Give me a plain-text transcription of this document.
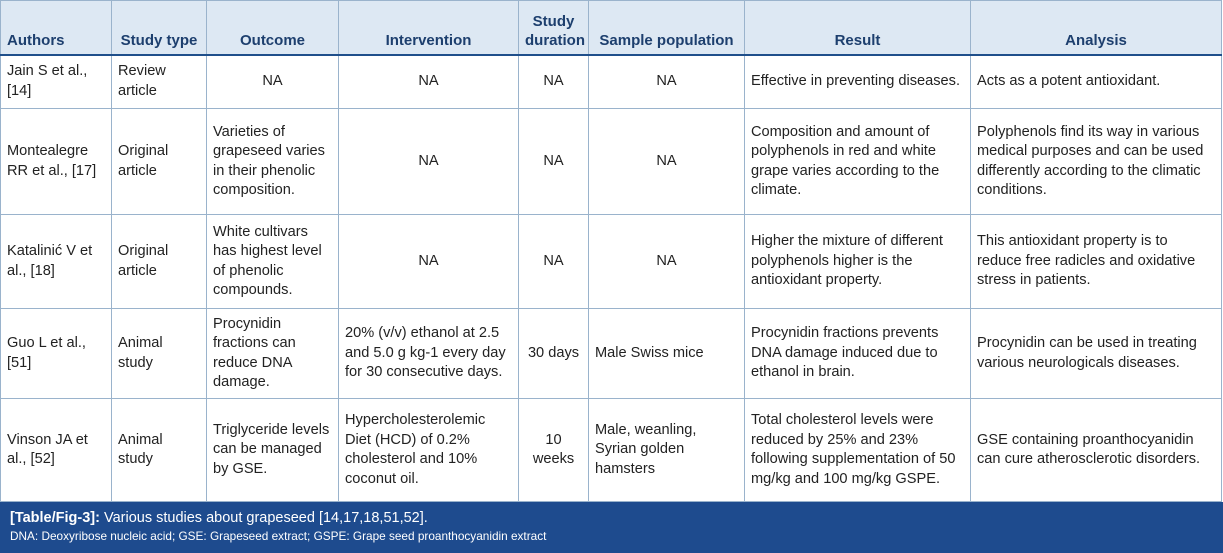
Authors	Study type	Outcome	Intervention	Study duration	Sample population	Result	Analysis
Jain S et al., [14]	Review article	NA	NA	NA	NA	Effective in preventing diseases.	Acts as a potent antioxidant.
Montealegre RR et al., [17]	Original article	Varieties of grapeseed varies in their phenolic composition.	NA	NA	NA	Composition and amount of polyphenols in red and white grape varies according to the climate.	Polyphenols find its way in various medical purposes and can be used differently according to the climatic conditions.
Katalinić V et al., [18]	Original article	White cultivars has highest level of phenolic compounds.	NA	NA	NA	Higher the mixture of different polyphenols higher is the antioxidant property.	This antioxidant property is to reduce free radicles and oxidative stress in patients.
Guo L et al., [51]	Animal study	Procynidin fractions can reduce DNA damage.	20% (v/v) ethanol at 2.5 and 5.0 g kg-1 every day for 30 consecutive days.	30 days	Male Swiss mice	Procynidin fractions prevents DNA damage induced due to ethanol in brain.	Procynidin can be used in treating various neurologicals diseases.
Vinson JA et al., [52]	Animal study	Triglyceride levels can be managed by GSE.	Hypercholesterolemic Diet (HCD) of 0.2% cholesterol and 10% coconut oil.	10 weeks	Male, weanling, Syrian golden hamsters	Total cholesterol levels were reduced by 25% and 23% following supplementation of 50 mg/kg and 100 mg/kg GSPE.	GSE containing proanthocyanidin can cure atherosclerotic disorders.
[Table/Fig-3]: Various studies about grapeseed [14,17,18,51,52].
DNA: Deoxyribose nucleic acid; GSE: Grapeseed extract; GSPE: Grape seed proanthocyanidin extract
